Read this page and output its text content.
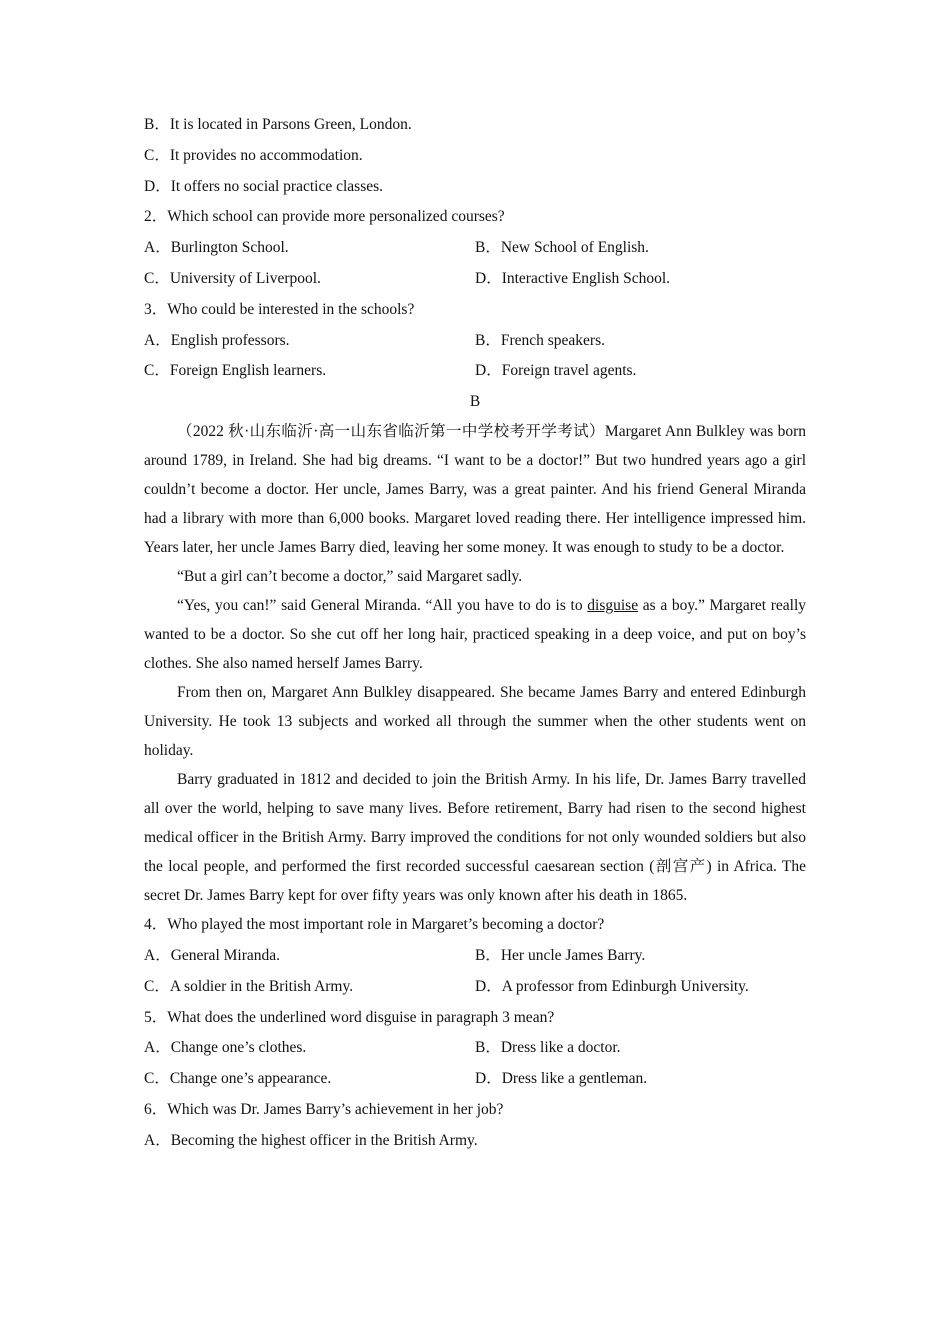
B．It is located in Parsons Green, London.
C．It provides no accommodation.
D．It offers no social practice classes.
2．Which school can provide more personalized courses?
A．Burlington School.	B．New School of English.
C．University of Liverpool.	D．Interactive English School.
3．Who could be interested in the schools?
A．English professors.	B．French speakers.
C．Foreign English learners.	D．Foreign travel agents.
B

（2022 秋·山东临沂·高一山东省临沂第一中学校考开学考试）Margaret Ann Bulkley was born around 1789, in Ireland. She had big dreams. “I want to be a doctor!” But two hundred years ago a girl couldn’t become a doctor. Her uncle, James Barry, was a great painter. And his friend General Miranda had a library with more than 6,000 books. Margaret loved reading there. Her intelligence impressed him. Years later, her uncle James Barry died, leaving her some money. It was enough to study to be a doctor.

“But a girl can’t become a doctor,” said Margaret sadly.

“Yes, you can!” said General Miranda. “All you have to do is to disguise as a boy.” Margaret really wanted to be a doctor. So she cut off her long hair, practiced speaking in a deep voice, and put on boy’s clothes. She also named herself James Barry.

From then on, Margaret Ann Bulkley disappeared. She became James Barry and entered Edinburgh University. He took 13 subjects and worked all through the summer when the other students went on holiday.

Barry graduated in 1812 and decided to join the British Army. In his life, Dr. James Barry travelled all over the world, helping to save many lives. Before retirement, Barry had risen to the second highest medical officer in the British Army. Barry improved the conditions for not only wounded soldiers but also the local people, and performed the first recorded successful caesarean section (剖宫产) in Africa. The secret Dr. James Barry kept for over fifty years was only known after his death in 1865.

4．Who played the most important role in Margaret’s becoming a doctor?
A．General Miranda.	B．Her uncle James Barry.
C．A soldier in the British Army.	D．A professor from Edinburgh University.
5．What does the underlined word disguise in paragraph 3 mean?
A．Change one’s clothes.	B．Dress like a doctor.
C．Change one’s appearance.	D．Dress like a gentleman.
6．Which was Dr. James Barry’s achievement in her job?
A．Becoming the highest officer in the British Army.
